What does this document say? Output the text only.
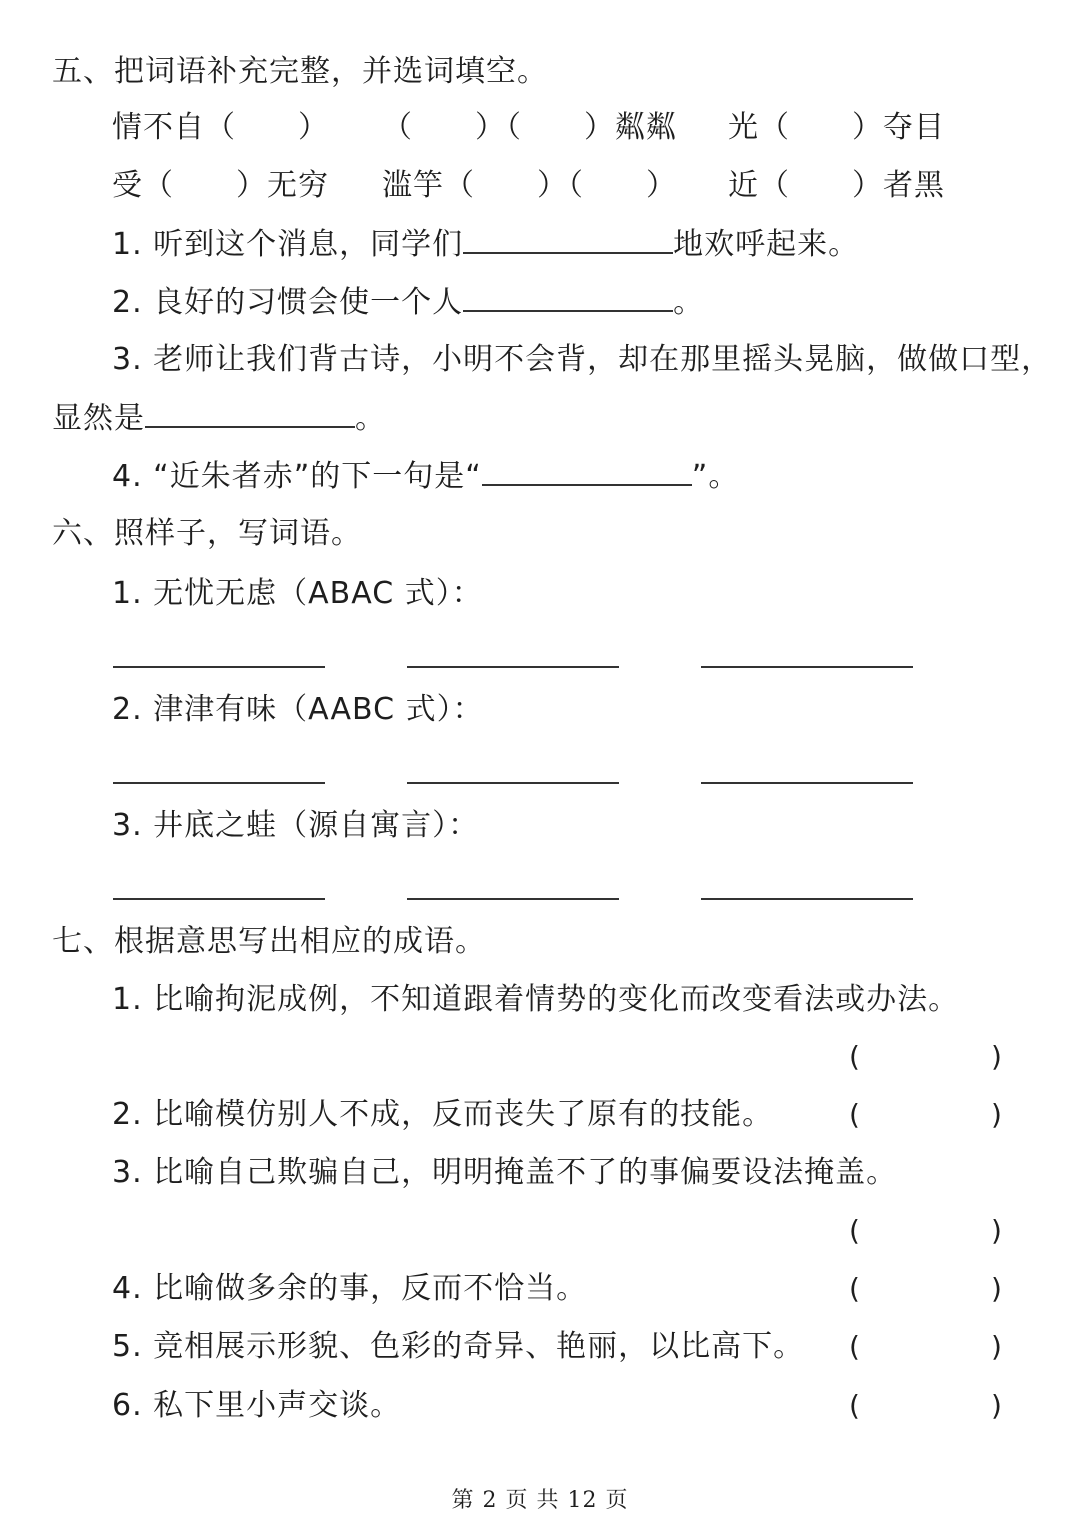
五、把词语补充完整，并选词填空。
情不自（　　） （　　）（　　）粼粼 光（　　）夺目
受（　　）无穷 滥竽（　　）（　　） 近（　　）者黑
1. 听到这个消息，同学们	地欢呼起来。
2. 良好的习惯会使一个人	。
3. 老师让我们背古诗，小明不会背，却在那里摇头晃脑，做做口型，
显然是	。
4. “近朱者赤”的下一句是“	”。
六、照样子，写词语。
1. 无忧无虑（ABAC 式）：
2. 津津有味（AABC 式）：
3. 井底之蛙（源自寓言）：
七、根据意思写出相应的成语。
1. 比喻拘泥成例，不知道跟着情势的变化而改变看法或办法。
(	)
2. 比喻模仿别人不成，反而丧失了原有的技能。	(	)
3. 比喻自己欺骗自己，明明掩盖不了的事偏要设法掩盖。
(	)
4. 比喻做多余的事，反而不恰当。	(	)
5. 竞相展示形貌、色彩的奇异、艳丽，以比高下。 (	)
6. 私下里小声交谈。	(	)
第 2 页 共 12 页
